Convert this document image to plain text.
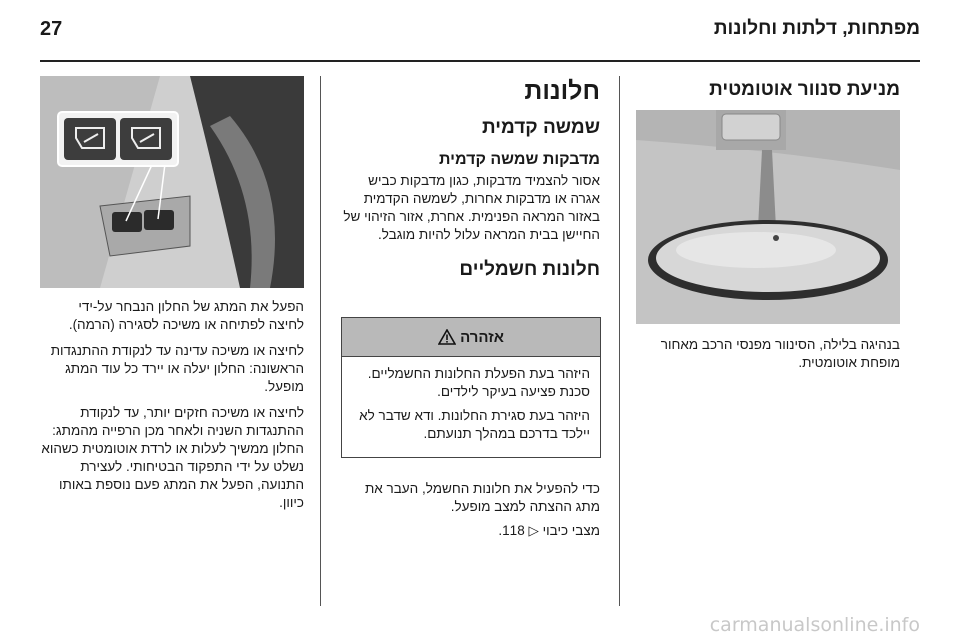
27	מפתחות, דלתות וחלונות

מניעת סנוור אוטומטית

בנהיגה בלילה, הסינוור מפנסי הרכב מאחור מופחת אוטומטית.

חלונות

שמשה קדמית

מדבקות שמשה קדמית

אסור להצמיד מדבקות, כגון מדבקות כביש אגרה או מדבקות אחרות, לשמשה הקדמית באזור המראה הפנימית. אחרת, אזור הזיהוי של החיישן בבית המראה עלול להיות מוגבל.

חלונות חשמליים

אזהרה

היזהר בעת הפעלת החלונות החשמליים. סכנת פציעה בעיקר לילדים.

היזהר בעת סגירת החלונות. ודא שדבר לא יילכד בדרכם במהלך תנועתם.

כדי להפעיל את חלונות החשמל, העבר את מתג ההצתה למצב מופעל.

מצבי כיבוי ▷ 118.

הפעל את המתג של החלון הנבחר על-ידי לחיצה לפתיחה או משיכה לסגירה (הרמה).

לחיצה או משיכה עדינה עד לנקודת ההתנגדות הראשונה: החלון יעלה או יירד כל עוד המתג מופעל.

לחיצה או משיכה חזקים יותר, עד לנקודת ההתנגדות השניה ולאחר מכן הרפייה מהמתג: החלון ממשיך לעלות או לרדת אוטומטית כשהוא נשלט על ידי התפקוד הבטיחותי. לעצירת התנועה, הפעל את המתג פעם נוספת באותו כיוון.

carmanualsonline.info
